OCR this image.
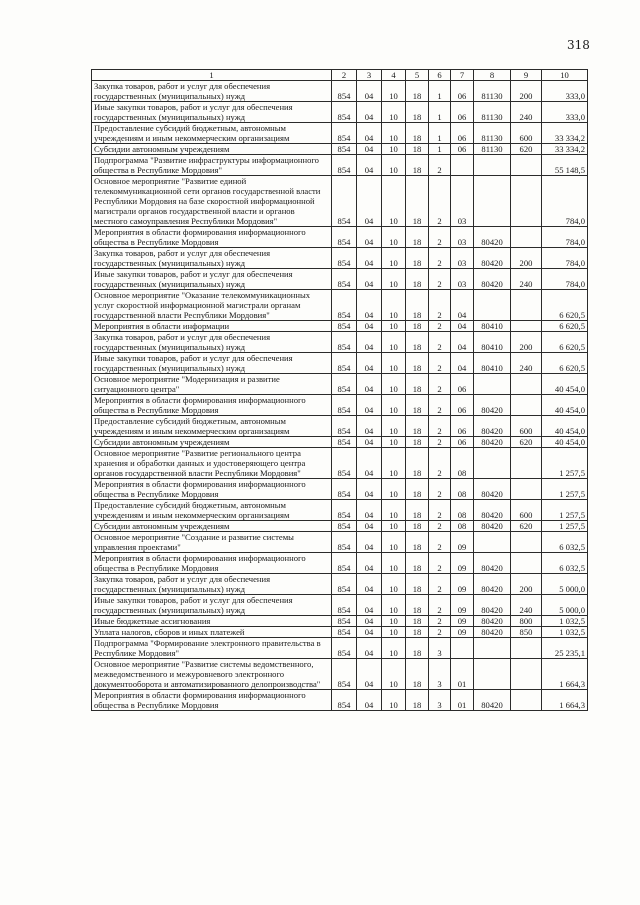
318
1	2	3	4	5	6	7	8	9	10
Закупка товаров, работ и услуг для обеспечения государственных (муниципальных) нужд	854	04	10	18	1	06	81130	200	333,0
Иные закупки товаров, работ и услуг для обеспечения государственных (муниципальных) нужд	854	04	10	18	1	06	81130	240	333,0
Предоставление субсидий бюджетным, автономным учреждениям и иным некоммерческим организациям	854	04	10	18	1	06	81130	600	33 334,2
Субсидии автономным учреждениям	854	04	10	18	1	06	81130	620	33 334,2
Подпрограмма "Развитие инфраструктуры информационного общества в Республике Мордовия"	854	04	10	18	2				55 148,5
Основное мероприятие "Развитие единой телекоммуникационной сети органов государственной власти Республики Мордовия на базе скоростной информационной магистрали органов государственной власти и органов местного самоуправления Республики Мордовия"	854	04	10	18	2	03			784,0
Мероприятия в области формирования информационного общества в Республике Мордовия	854	04	10	18	2	03	80420		784,0
Закупка товаров, работ и услуг для обеспечения государственных (муниципальных) нужд	854	04	10	18	2	03	80420	200	784,0
Иные закупки товаров, работ и услуг для обеспечения государственных (муниципальных) нужд	854	04	10	18	2	03	80420	240	784,0
Основное мероприятие "Оказание телекоммуникационных услуг скоростной информационной магистрали органам государственной власти Республики Мордовия"	854	04	10	18	2	04			6 620,5
Мероприятия в области информации	854	04	10	18	2	04	80410		6 620,5
Закупка товаров, работ и услуг для обеспечения государственных (муниципальных) нужд	854	04	10	18	2	04	80410	200	6 620,5
Иные закупки товаров, работ и услуг для обеспечения государственных (муниципальных) нужд	854	04	10	18	2	04	80410	240	6 620,5
Основное мероприятие "Модернизация и развитие ситуационного центра"	854	04	10	18	2	06			40 454,0
Мероприятия в области формирования информационного общества в Республике Мордовия	854	04	10	18	2	06	80420		40 454,0
Предоставление субсидий бюджетным, автономным учреждениям и иным некоммерческим организациям	854	04	10	18	2	06	80420	600	40 454,0
Субсидии автономным учреждениям	854	04	10	18	2	06	80420	620	40 454,0
Основное мероприятие "Развитие регионального центра хранения и обработки данных и удостоверяющего центра органов государственной власти Республики Мордовия"	854	04	10	18	2	08			1 257,5
Мероприятия в области формирования информационного общества в Республике Мордовия	854	04	10	18	2	08	80420		1 257,5
Предоставление субсидий бюджетным, автономным учреждениям и иным некоммерческим организациям	854	04	10	18	2	08	80420	600	1 257,5
Субсидии автономным учреждениям	854	04	10	18	2	08	80420	620	1 257,5
Основное мероприятие "Создание и развитие системы управления проектами"	854	04	10	18	2	09			6 032,5
Мероприятия в области формирования информационного общества в Республике Мордовия	854	04	10	18	2	09	80420		6 032,5
Закупка товаров, работ и услуг для обеспечения государственных (муниципальных) нужд	854	04	10	18	2	09	80420	200	5 000,0
Иные закупки товаров, работ и услуг для обеспечения государственных (муниципальных) нужд	854	04	10	18	2	09	80420	240	5 000,0
Иные бюджетные ассигнования	854	04	10	18	2	09	80420	800	1 032,5
Уплата налогов, сборов и иных платежей	854	04	10	18	2	09	80420	850	1 032,5
Подпрограмма "Формирование электронного правительства в Республике Мордовия"	854	04	10	18	3				25 235,1
Основное мероприятие "Развитие системы ведомственного, межведомственного и межуровневого электронного документооборота и автоматизированного делопроизводства"	854	04	10	18	3	01			1 664,3
Мероприятия в области формирования информационного общества в Республике Мордовия	854	04	10	18	3	01	80420		1 664,3
